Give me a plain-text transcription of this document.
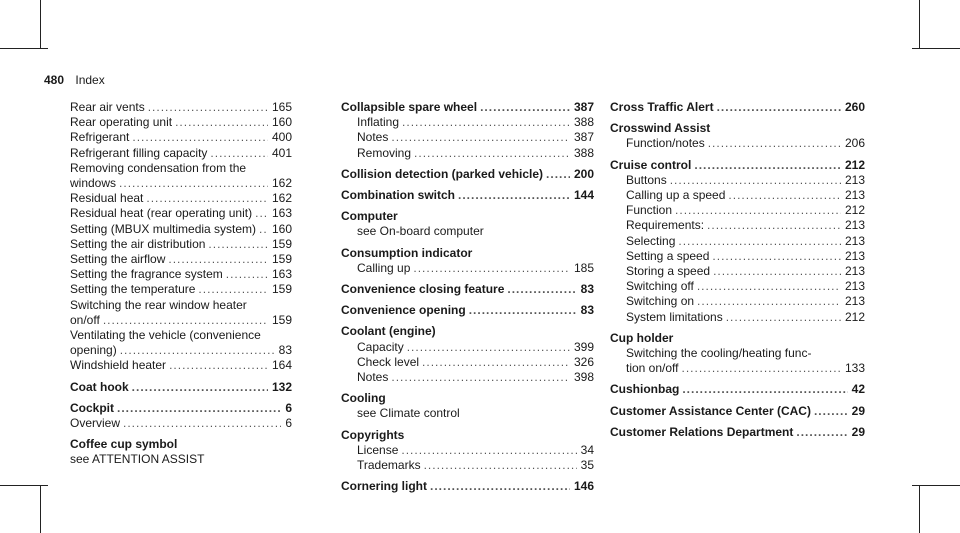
480 Index
Rear air vents .....	165
Rear operating unit .....	160
Refrigerant .....	400
Refrigerant filling capacity .....	401
Removing condensation from the
windows .....	162
Residual heat .....	162
Residual heat (rear operating unit) ..... 163
Setting (MBUX multimedia system) ..... 160
Setting the air distribution .....	159
Setting the airflow .....	159
Setting the fragrance system .....	163
Setting the temperature .....	159
Switching the rear window heater
on/off .....	159
Ventilating the vehicle (convenience
opening) .....	83
Windshield heater .....	164
Coat hook .....	132
Cockpit .....	6
Overview .....	6
Coffee cup symbol
see ATTENTION ASSIST
Collapsible spare wheel .....	387
Inflating .....	388
Notes .....	387
Removing .....	388
Collision detection (parked vehicle) .....	200
Combination switch .....	144
Computer
see On-board computer
Consumption indicator
Calling up .....	185
Convenience closing feature .....	83
Convenience opening .....	83
Coolant (engine)
Capacity .....	399
Check level .....	326
Notes .....	398
Cooling
see Climate control
Copyrights
License .....	34
Trademarks .....	35
Cornering light .....	146
Cross Traffic Alert .....	260
Crosswind Assist
Function/notes .....	206
Cruise control .....	212
Buttons .....	213
Calling up a speed .....	213
Function .....	212
Requirements: .....	213
Selecting .....	213
Setting a speed .....	213
Storing a speed .....	213
Switching off .....	213
Switching on .....	213
System limitations .....	212
Cup holder
Switching the cooling/heating func-
tion on/off .....	133
Cushionbag .....	42
Customer Assistance Center (CAC) .....	29
Customer Relations Department .....	29
